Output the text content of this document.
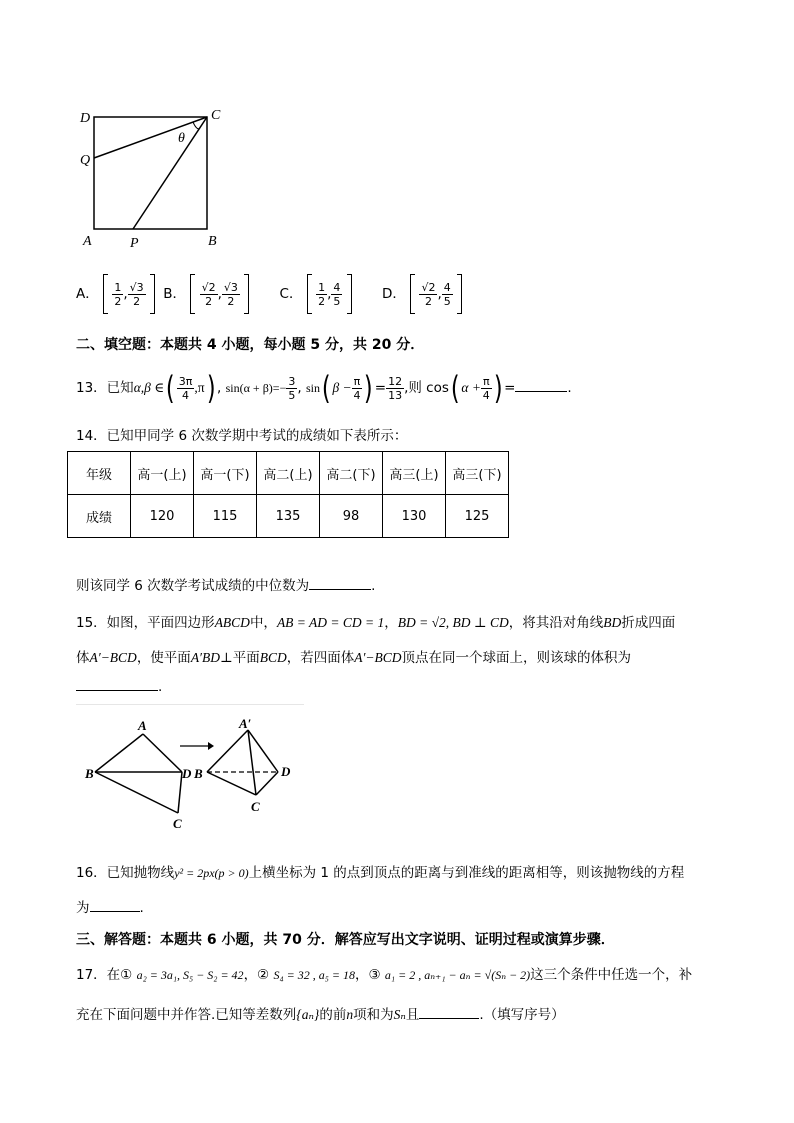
D	C
Q
θ
A	P	B
A． $\frac{1}{2}$ , $\frac{√3}{2}$ B． $\frac{√2}{2}$ , $\frac{√3}{2}$	C． $\frac{1}{2}$ , $\frac{4}{5}$	D． $\frac{√2}{2}$ , $\frac{4}{5}$

二、填空题：本题共 4 小题，每小题 5 分，共 20 分．
13．已知α,β ∈( $\frac{3\pi}{4} ,\pi$) , $\sin(\alpha + \beta)=- \frac{3}{5}$ , sin( $\beta - \frac{\pi}{4}$ ) = $\frac{12}{13}$ ,则 cos( $\alpha + \frac{\pi}{4}$ ) =	.
14．已知甲同学 6 次数学期中考试的成绩如下表所示：
年级	高一(上)	高一(下)	高二(上)	高二(下)	高三(上)	高三(下)
成绩	120	115	135	98	130	125
则该同学 6 次数学考试成绩的中位数为	.
15．如图，平面四边形ABCD中，AB = AD = CD = 1，BD = √2, BD ⊥ CD，将其沿对角线BD折成四面
体A′−BCD，使平面A′BD⊥平面BCD，若四面体A′−BCD顶点在同一个球面上，则该球的体积为
.
A
B	D
C
A′
B	D
C
16．已知抛物线y² = 2px(p > 0)上横坐标为 1 的点到顶点的距离与到准线的距离相等，则该抛物线的方程
为	.
三、解答题：本题共 6 小题，共 70 分．解答应写出文字说明、证明过程或演算步骤．
17．在① a₂ = 3a₁, S₅ − S₂ = 42，② S₄ = 32 , a₅ = 18，③ a₁ = 2 , aₙ₊₁ − aₙ = √(Sₙ − 2)这三个条件中任选一个，补
充在下面问题中并作答.已知等差数列{aₙ}的前n项和为Sₙ且	.（填写序号）
